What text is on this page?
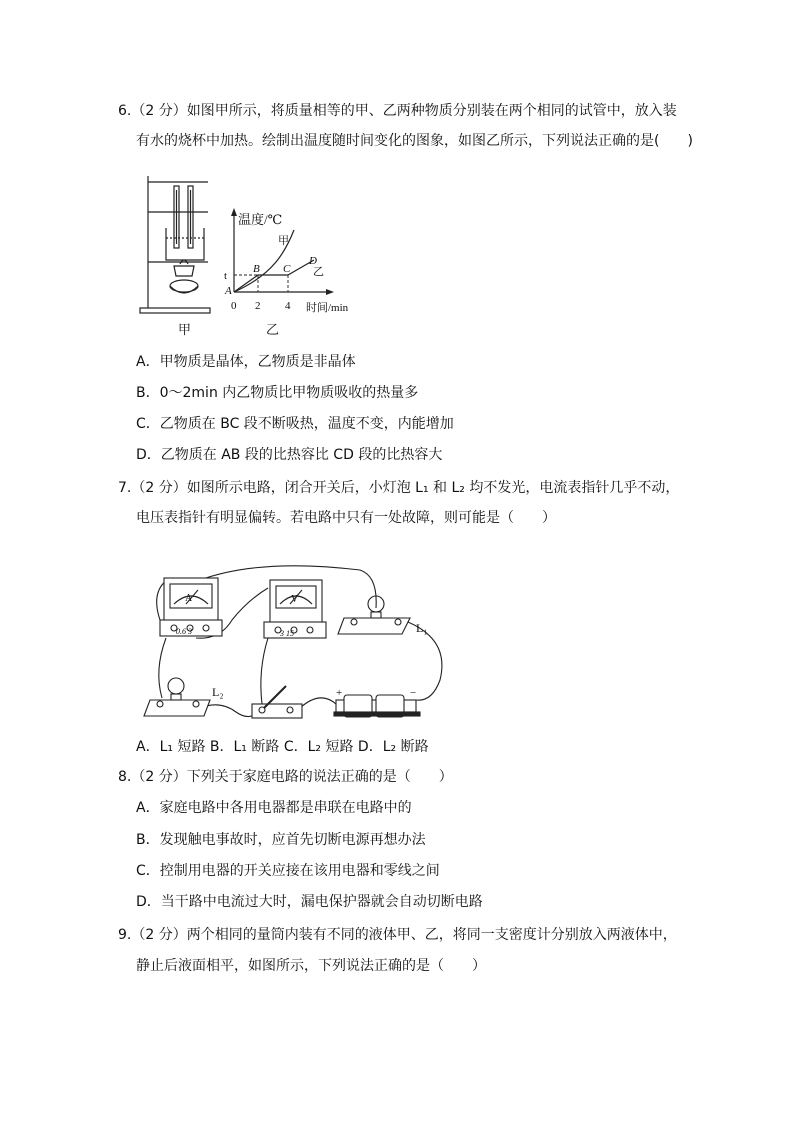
6.（2 分）如图甲所示，将质量相等的甲、乙两种物质分别装在两个相同的试管中，放入装
有水的烧杯中加热。绘制出温度随时间变化的图象，如图乙所示，下列说法正确的是(　　)
甲
温度/℃
时间/min
甲
乙
t
0 2 4
A
B C
D
乙
A．甲物质是晶体，乙物质是非晶体
B．0～2min 内乙物质比甲物质吸收的热量多
C．乙物质在 BC 段不断吸热，温度不变，内能增加
D．乙物质在 AB 段的比热容比 CD 段的比热容大
7.（2 分）如图所示电路，闭合开关后，小灯泡 L₁ 和 L₂ 均不发光，电流表指针几乎不动，
电压表指针有明显偏转。若电路中只有一处故障，则可能是（　　）
A	V
0.6 3	3 15	L₁
L₂	+	−
A．L₁ 短路 B．L₁ 断路 C．L₂ 短路 D．L₂ 断路
8.（2 分）下列关于家庭电路的说法正确的是（　　）
A．家庭电路中各用电器都是串联在电路中的
B．发现触电事故时，应首先切断电源再想办法
C．控制用电器的开关应接在该用电器和零线之间
D．当干路中电流过大时，漏电保护器就会自动切断电路
9.（2 分）两个相同的量筒内装有不同的液体甲、乙，将同一支密度计分别放入两液体中，
静止后液面相平，如图所示，下列说法正确的是（　　）
